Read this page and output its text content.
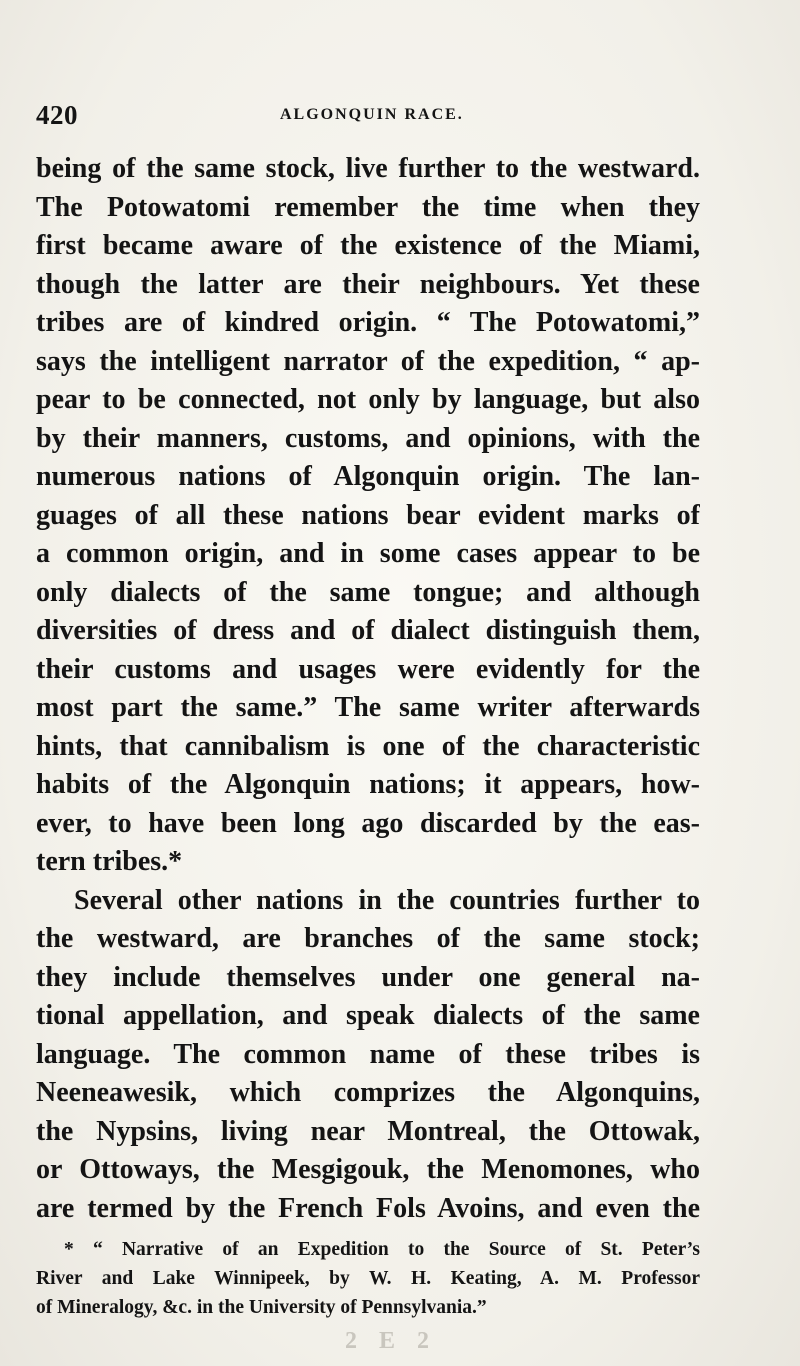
420	ALGONQUIN RACE.
being of the same stock, live further to the westward.
The Potowatomi remember the time when they
first became aware of the existence of the Miami,
though the latter are their neighbours. Yet these
tribes are of kindred origin. “ The Potowatomi,”
says the intelligent narrator of the expedition, “ ap-
pear to be connected, not only by language, but also
by their manners, customs, and opinions, with the
numerous nations of Algonquin origin. The lan-
guages of all these nations bear evident marks of
a common origin, and in some cases appear to be
only dialects of the same tongue; and although
diversities of dress and of dialect distinguish them,
their customs and usages were evidently for the
most part the same.” The same writer afterwards
hints, that cannibalism is one of the characteristic
habits of the Algonquin nations; it appears, how-
ever, to have been long ago discarded by the eas-
tern tribes.*
Several other nations in the countries further to
the westward, are branches of the same stock;
they include themselves under one general na-
tional appellation, and speak dialects of the same
language. The common name of these tribes is
Neeneawesik, which comprizes the Algonquins,
the Nypsins, living near Montreal, the Ottowak,
or Ottoways, the Mesgigouk, the Menomones, who
are termed by the French Fols Avoins, and even the
* “ Narrative of an Expedition to the Source of St. Peter’s
River and Lake Winnipeek, by W. H. Keating, A. M. Professor
of Mineralogy, &c. in the University of Pennsylvania.”
2 E 2
